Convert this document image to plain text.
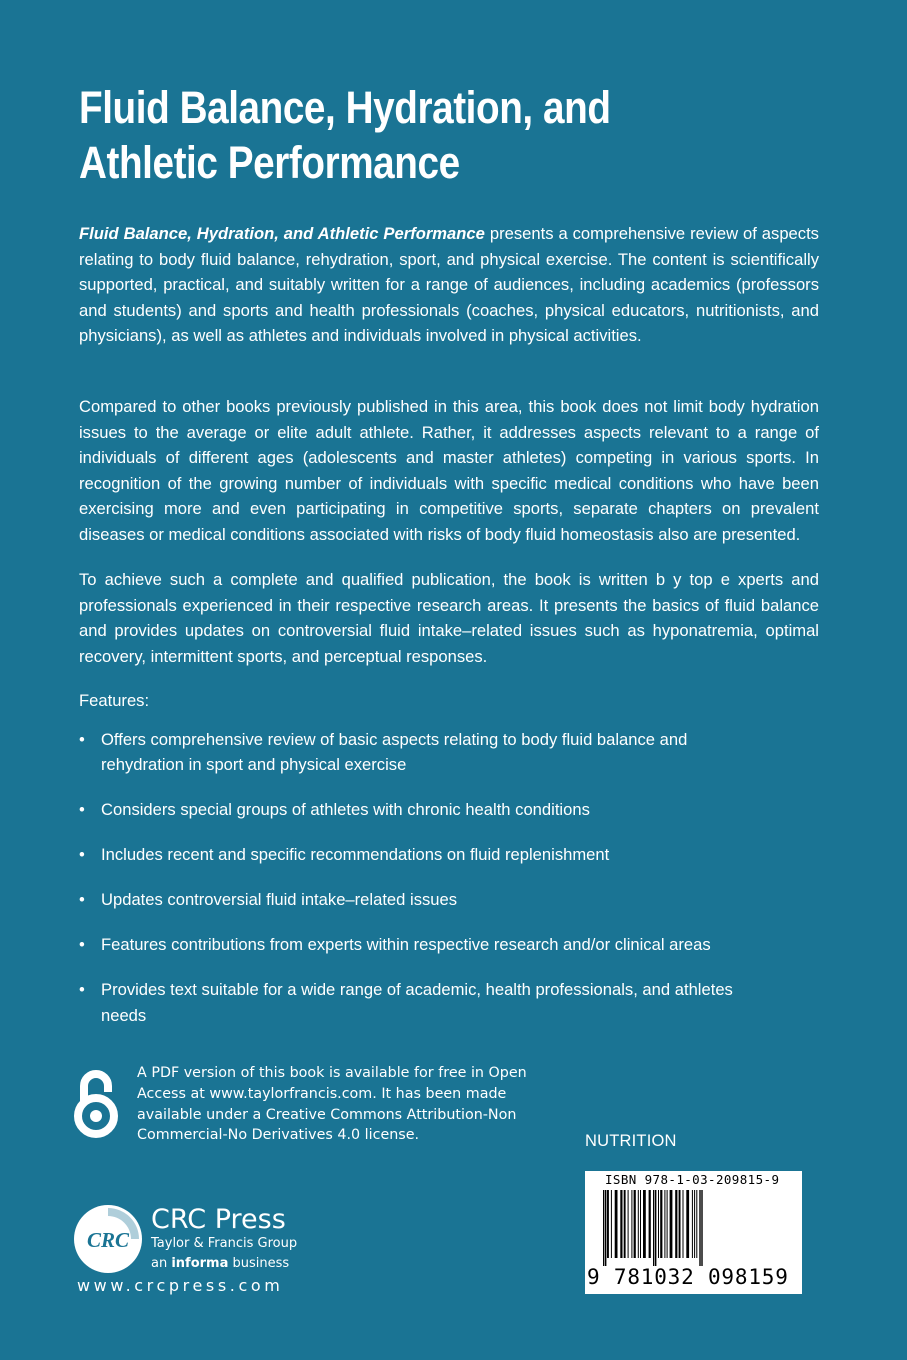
Fluid Balance, Hydration, and
Athletic Performance

Fluid Balance, Hydration, and Athletic Performance presents a comprehensive review of aspects relating to body fluid balance, rehydration, sport, and physical exercise. The content is scientifically supported, practical, and suitably written for a range of audiences, including academics (professors and students) and sports and health professionals (coaches, physical educators, nutritionists, and physicians), as well as athletes and individuals involved in physical activities.

Compared to other books previously published in this area, this book does not limit body hydration issues to the average or elite adult athlete. Rather, it addresses aspects relevant to a range of individuals of different ages (adolescents and master athletes) competing in various sports. In recognition of the growing number of individuals with specific medical conditions who have been exercising more and even participating in competitive sports, separate chapters on prevalent diseases or medical conditions associated with risks of body fluid homeostasis also are presented.

To achieve such a complete and qualified publication, the book is written b y top e xperts and professionals experienced in their respective research areas. It presents the basics of fluid balance and provides updates on controversial fluid intake–related issues such as hyponatremia, optimal recovery, intermittent sports, and perceptual responses.

Features:

• Offers comprehensive review of basic aspects relating to body fluid balance and rehydration in sport and physical exercise
• Considers special groups of athletes with chronic health conditions
• Includes recent and specific recommendations on fluid replenishment
• Updates controversial fluid intake–related issues
• Features contributions from experts within respective research and/or clinical areas
• Provides text suitable for a wide range of academic, health professionals, and athletes needs

A PDF version of this book is available for free in Open Access at www.taylorfrancis.com. It has been made available under a Creative Commons Attribution-Non Commercial-No Derivatives 4.0 license.	NUTRITION
ISBN 978-1-03-209815-9
9 781032 098159
CRC
CRC Press
Taylor & Francis Group
an informa business
www.crcpress.com
